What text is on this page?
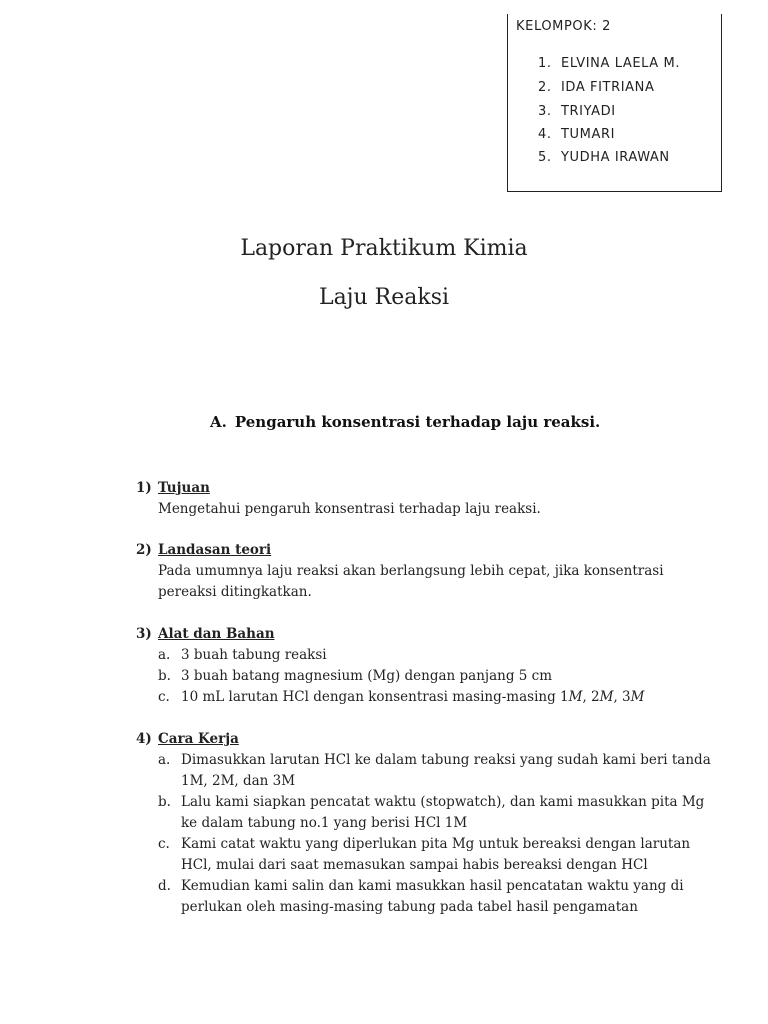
KELOMPOK: 2
1. ELVINA LAELA M.
2. IDA FITRIANA
3. TRIYADI
4. TUMARI
5. YUDHA IRAWAN
Laporan Praktikum Kimia
Laju Reaksi
A. Pengaruh konsentrasi terhadap laju reaksi.
1) Tujuan
Mengetahui pengaruh konsentrasi terhadap laju reaksi.
2) Landasan teori
Pada umumnya laju reaksi akan berlangsung lebih cepat, jika konsentrasi
pereaksi ditingkatkan.
3) Alat dan Bahan
a. 3 buah tabung reaksi
b. 3 buah batang magnesium (Mg) dengan panjang 5 cm
c. 10 mL larutan HCl dengan konsentrasi masing-masing 1M, 2M, 3M
4) Cara Kerja
a. Dimasukkan larutan HCl ke dalam tabung reaksi yang sudah kami beri tanda
1M, 2M, dan 3M
b. Lalu kami siapkan pencatat waktu (stopwatch), dan kami masukkan pita Mg
ke dalam tabung no.1 yang berisi HCl 1M
c. Kami catat waktu yang diperlukan pita Mg untuk bereaksi dengan larutan
HCl, mulai dari saat memasukan sampai habis bereaksi dengan HCl
d. Kemudian kami salin dan kami masukkan hasil pencatatan waktu yang di
perlukan oleh masing-masing tabung pada tabel hasil pengamatan
